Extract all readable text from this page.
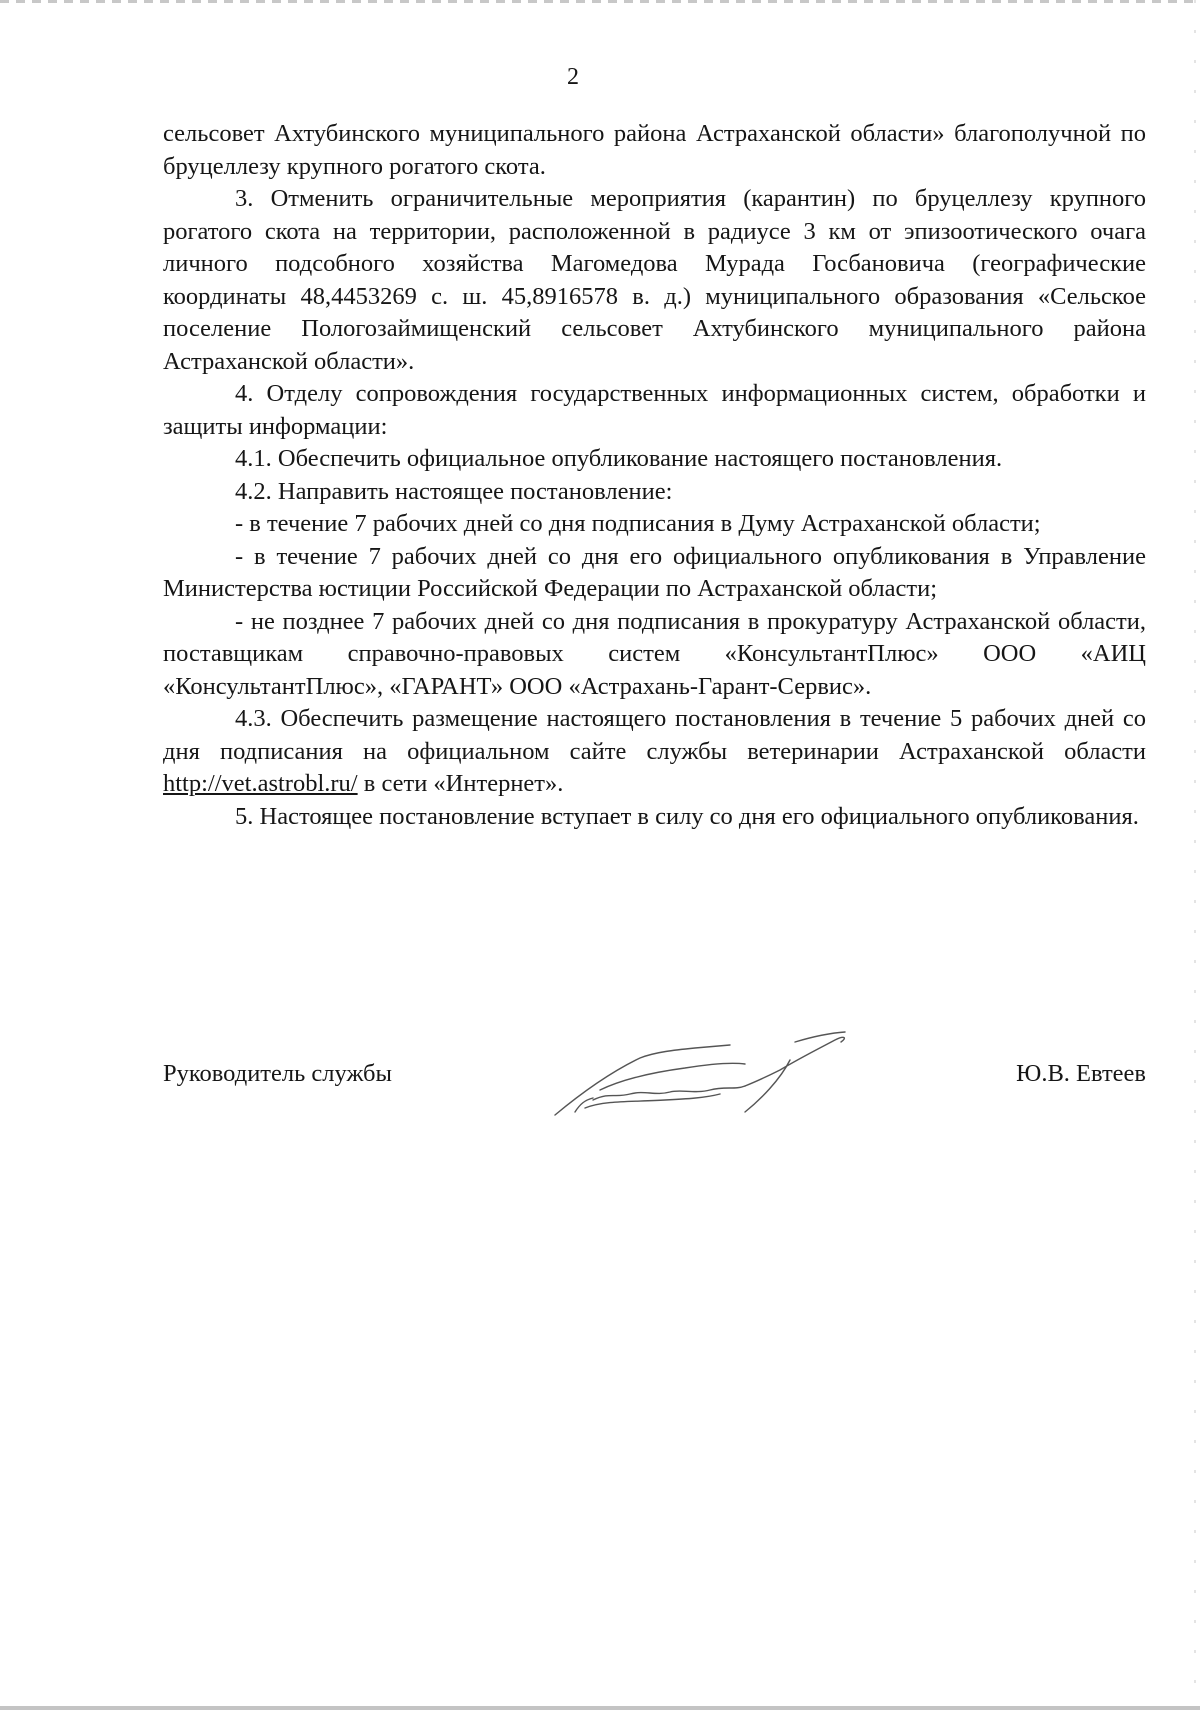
2

сельсовет Ахтубинского муниципального района Астраханской области» благополучной по бруцеллезу крупного рогатого скота.

3. Отменить ограничительные мероприятия (карантин) по бруцеллезу крупного рогатого скота на территории, расположенной в радиусе 3 км от эпизоотического очага личного подсобного хозяйства Магомедова Мурада Госбановича (географические координаты 48,4453269 с. ш. 45,8916578 в. д.) муниципального образования «Сельское поселение Пологозаймищенский сельсовет Ахтубинского муниципального района Астраханской области».

4. Отделу сопровождения государственных информационных систем, обработки и защиты информации:

4.1. Обеспечить официальное опубликование настоящего постановления.

4.2. Направить настоящее постановление:

- в течение 7 рабочих дней со дня подписания в Думу Астраханской области;

- в течение 7 рабочих дней со дня его официального опубликования в Управление Министерства юстиции Российской Федерации по Астраханской области;

- не позднее 7 рабочих дней со дня подписания в прокуратуру Астраханской области, поставщикам справочно-правовых систем «КонсультантПлюс» ООО «АИЦ «КонсультантПлюс», «ГАРАНТ» ООО «Астрахань-Гарант-Сервис».

4.3. Обеспечить размещение настоящего постановления в течение 5 рабочих дней со дня подписания на официальном сайте службы ветеринарии Астраханской области http://vet.astrobl.ru/ в сети «Интернет».

5. Настоящее постановление вступает в силу со дня его официального опубликования.

Руководитель службы	Ю.В. Евтеев
